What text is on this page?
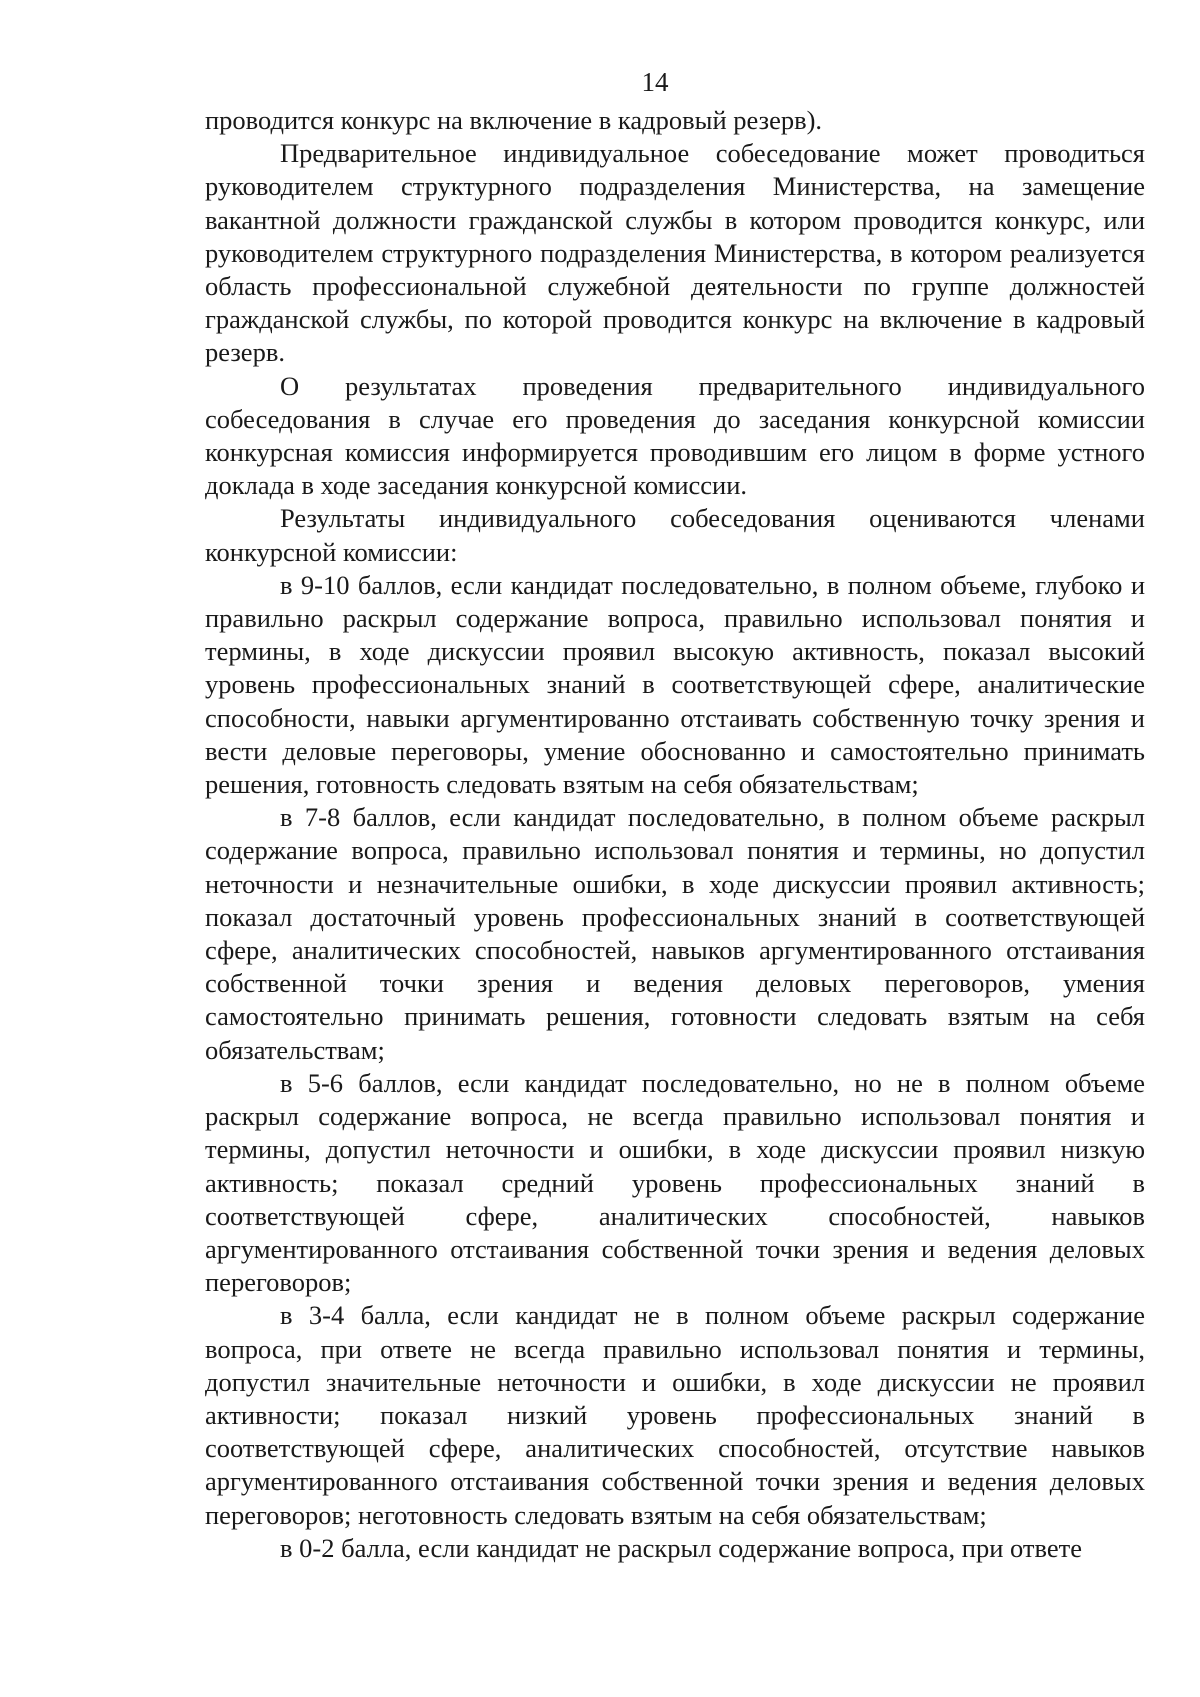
14

проводится конкурс на включение в кадровый резерв).

Предварительное индивидуальное собеседование может проводиться руководителем структурного подразделения Министерства, на замещение вакантной должности гражданской службы в котором проводится конкурс, или руководителем структурного подразделения Министерства, в котором реализуется область профессиональной служебной деятельности по группе должностей гражданской службы, по которой проводится конкурс на включение в кадровый резерв.

О результатах проведения предварительного индивидуального собеседования в случае его проведения до заседания конкурсной комиссии конкурсная комиссия информируется проводившим его лицом в форме устного доклада в ходе заседания конкурсной комиссии.

Результаты индивидуального собеседования оцениваются членами конкурсной комиссии:

в 9-10 баллов, если кандидат последовательно, в полном объеме, глубоко и правильно раскрыл содержание вопроса, правильно использовал понятия и термины, в ходе дискуссии проявил высокую активность, показал высокий уровень профессиональных знаний в соответствующей сфере, аналитические способности, навыки аргументированно отстаивать собственную точку зрения и вести деловые переговоры, умение обоснованно и самостоятельно принимать решения, готовность следовать взятым на себя обязательствам;

в 7-8 баллов, если кандидат последовательно, в полном объеме раскрыл содержание вопроса, правильно использовал понятия и термины, но допустил неточности и незначительные ошибки, в ходе дискуссии проявил активность; показал достаточный уровень профессиональных знаний в соответствующей сфере, аналитических способностей, навыков аргументированного отстаивания собственной точки зрения и ведения деловых переговоров, умения самостоятельно принимать решения, готовности следовать взятым на себя обязательствам;

в 5-6 баллов, если кандидат последовательно, но не в полном объеме раскрыл содержание вопроса, не всегда правильно использовал понятия и термины, допустил неточности и ошибки, в ходе дискуссии проявил низкую активность; показал средний уровень профессиональных знаний в соответствующей сфере, аналитических способностей, навыков аргументированного отстаивания собственной точки зрения и ведения деловых переговоров;

в 3-4 балла, если кандидат не в полном объеме раскрыл содержание вопроса, при ответе не всегда правильно использовал понятия и термины, допустил значительные неточности и ошибки, в ходе дискуссии не проявил активности; показал низкий уровень профессиональных знаний в соответствующей сфере, аналитических способностей, отсутствие навыков аргументированного отстаивания собственной точки зрения и ведения деловых переговоров; неготовность следовать взятым на себя обязательствам;

в 0-2 балла, если кандидат не раскрыл содержание вопроса, при ответе
